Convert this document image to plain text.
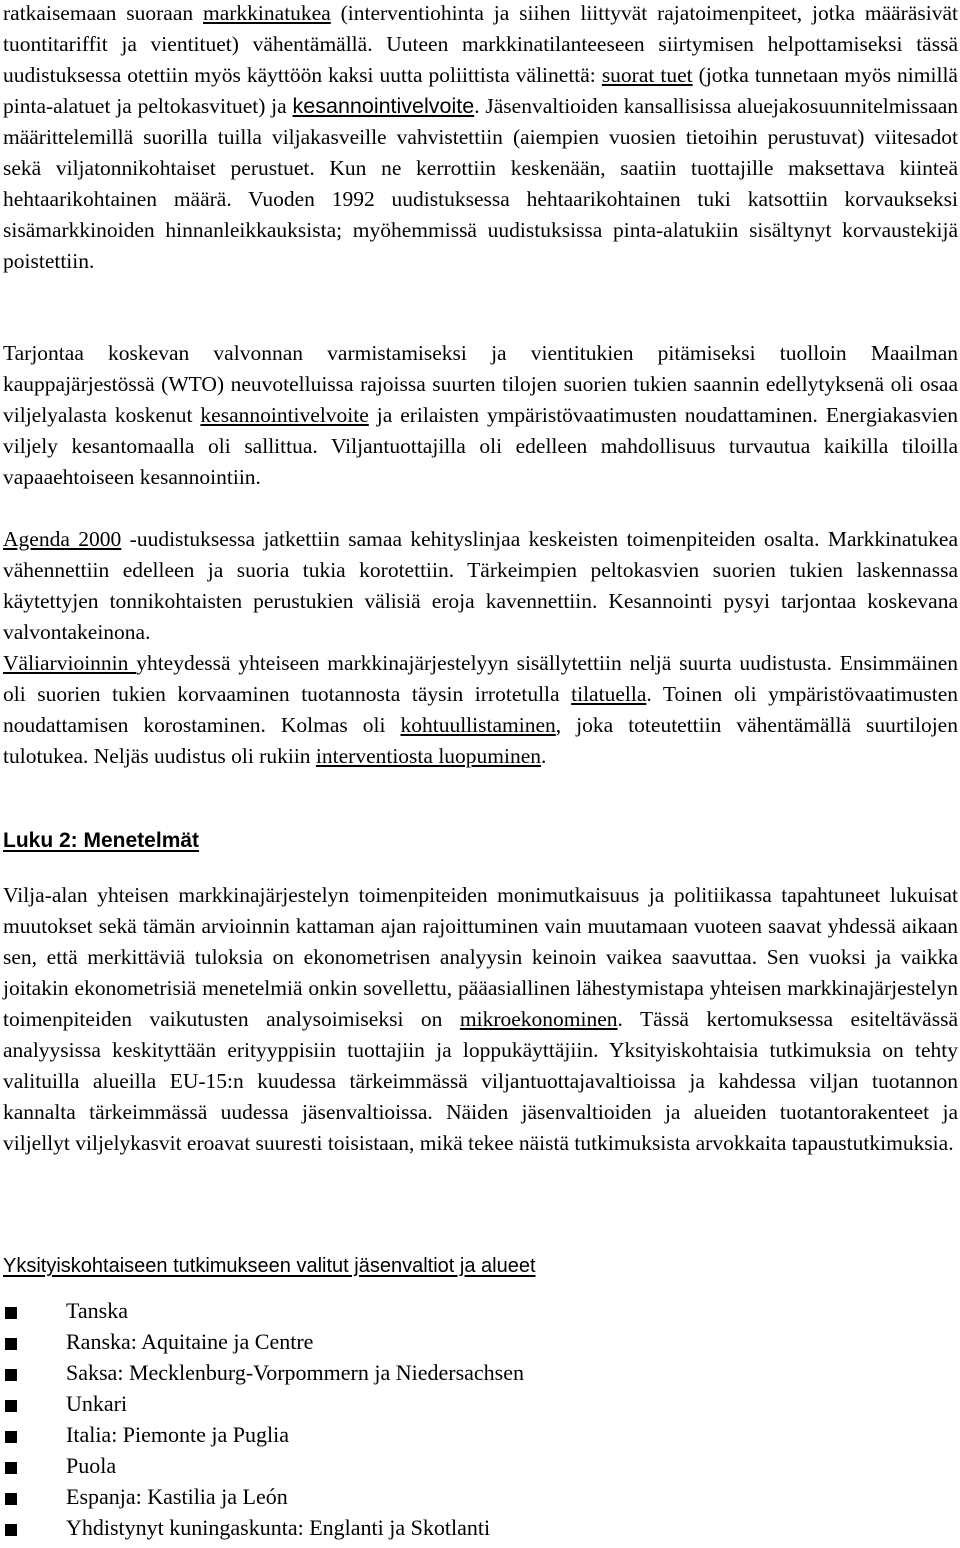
ratkaisemaan suoraan markkinatukea (interventiohinta ja siihen liittyvät rajatoimenpiteet, jotka määräsivät tuontitariffit ja vientituet) vähentämällä. Uuteen markkinatilanteeseen siirtymisen helpottamiseksi tässä uudistuksessa otettiin myös käyttöön kaksi uutta poliittista välinettä: suorat tuet (jotka tunnetaan myös nimillä pinta-alatuet ja peltokasvituet) ja kesannointivelvoite. Jäsenvaltioiden kansallisissa aluejakosuunnitelmissaan määrittelemillä suorilla tuilla viljakasveille vahvistettiin (aiempien vuosien tietoihin perustuvat) viitesadot sekä viljatonnikohtaiset perustuet. Kun ne kerrottiin keskenään, saatiin tuottajille maksettava kiinteä hehtaarikohtainen määrä. Vuoden 1992 uudistuksessa hehtaarikohtainen tuki katsottiin korvaukseksi sisämarkkinoiden hinnanleikkauksista; myöhemmissä uudistuksissa pinta-alatukiin sisältynyt korvaustekijä poistettiin.

Tarjontaa koskevan valvonnan varmistamiseksi ja vientitukien pitämiseksi tuolloin Maailman kauppajärjestössä (WTO) neuvotelluissa rajoissa suurten tilojen suorien tukien saannin edellytyksenä oli osaa viljelyalasta koskenut kesannointivelvoite ja erilaisten ympäristövaatimusten noudattaminen. Energiakasvien viljely kesantomaalla oli sallittua. Viljantuottajilla oli edelleen mahdollisuus turvautua kaikilla tiloilla vapaaehtoiseen kesannointiin.

Agenda 2000 -uudistuksessa jatkettiin samaa kehityslinjaa keskeisten toimenpiteiden osalta. Markkinatukea vähennettiin edelleen ja suoria tukia korotettiin. Tärkeimpien peltokasvien suorien tukien laskennassa käytettyjen tonnikohtaisten perustukien välisiä eroja kavennettiin. Kesannointi pysyi tarjontaa koskevana valvontakeinona.

Väliarvioinnin yhteydessä yhteiseen markkinajärjestelyyn sisällytettiin neljä suurta uudistusta. Ensimmäinen oli suorien tukien korvaaminen tuotannosta täysin irrotetulla tilatuella. Toinen oli ympäristövaatimusten noudattamisen korostaminen. Kolmas oli kohtuullistaminen, joka toteutettiin vähentämällä suurtilojen tulotukea. Neljäs uudistus oli rukiin interventiosta luopuminen.

Luku 2: Menetelmät

Vilja-alan yhteisen markkinajärjestelyn toimenpiteiden monimutkaisuus ja politiikassa tapahtuneet lukuisat muutokset sekä tämän arvioinnin kattaman ajan rajoittuminen vain muutamaan vuoteen saavat yhdessä aikaan sen, että merkittäviä tuloksia on ekonometrisen analyysin keinoin vaikea saavuttaa. Sen vuoksi ja vaikka joitakin ekonometrisiä menetelmiä onkin sovellettu, pääasiallinen lähestymistapa yhteisen markkinajärjestelyn toimenpiteiden vaikutusten analysoimiseksi on mikroekonominen. Tässä kertomuksessa esiteltävässä analyysissa keskityttään erityyppisiin tuottajiin ja loppukäyttäjiin. Yksityiskohtaisia tutkimuksia on tehty valituilla alueilla EU-15:n kuudessa tärkeimmässä viljantuottajavaltioissa ja kahdessa viljan tuotannon kannalta tärkeimmässä uudessa jäsenvaltioissa. Näiden jäsenvaltioiden ja alueiden tuotantorakenteet ja viljellyt viljelykasvit eroavat suuresti toisistaan, mikä tekee näistä tutkimuksista arvokkaita tapaustutkimuksia.

Yksityiskohtaiseen tutkimukseen valitut jäsenvaltiot ja alueet
Tanska
Ranska: Aquitaine ja Centre
Saksa: Mecklenburg-Vorpommern ja Niedersachsen
Unkari
Italia: Piemonte ja Puglia
Puola
Espanja: Kastilia ja León
Yhdistynyt kuningaskunta: Englanti ja Skotlanti
